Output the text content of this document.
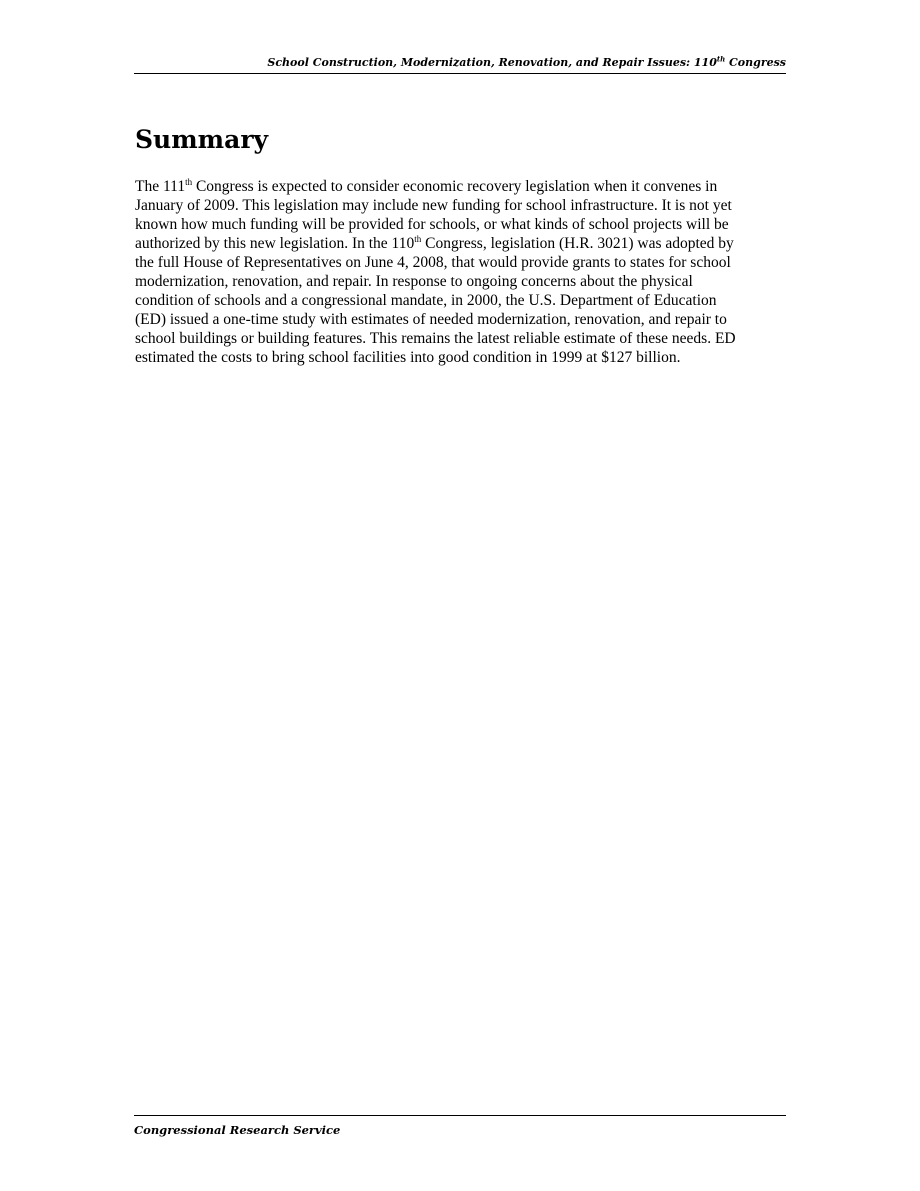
School Construction, Modernization, Renovation, and Repair Issues: 110th Congress
Summary

The 111th Congress is expected to consider economic recovery legislation when it convenes in
January of 2009. This legislation may include new funding for school infrastructure. It is not yet
known how much funding will be provided for schools, or what kinds of school projects will be
authorized by this new legislation. In the 110th Congress, legislation (H.R. 3021) was adopted by
the full House of Representatives on June 4, 2008, that would provide grants to states for school
modernization, renovation, and repair. In response to ongoing concerns about the physical
condition of schools and a congressional mandate, in 2000, the U.S. Department of Education
(ED) issued a one-time study with estimates of needed modernization, renovation, and repair to
school buildings or building features. This remains the latest reliable estimate of these needs. ED
estimated the costs to bring school facilities into good condition in 1999 at $127 billion.

Congressional Research Service
